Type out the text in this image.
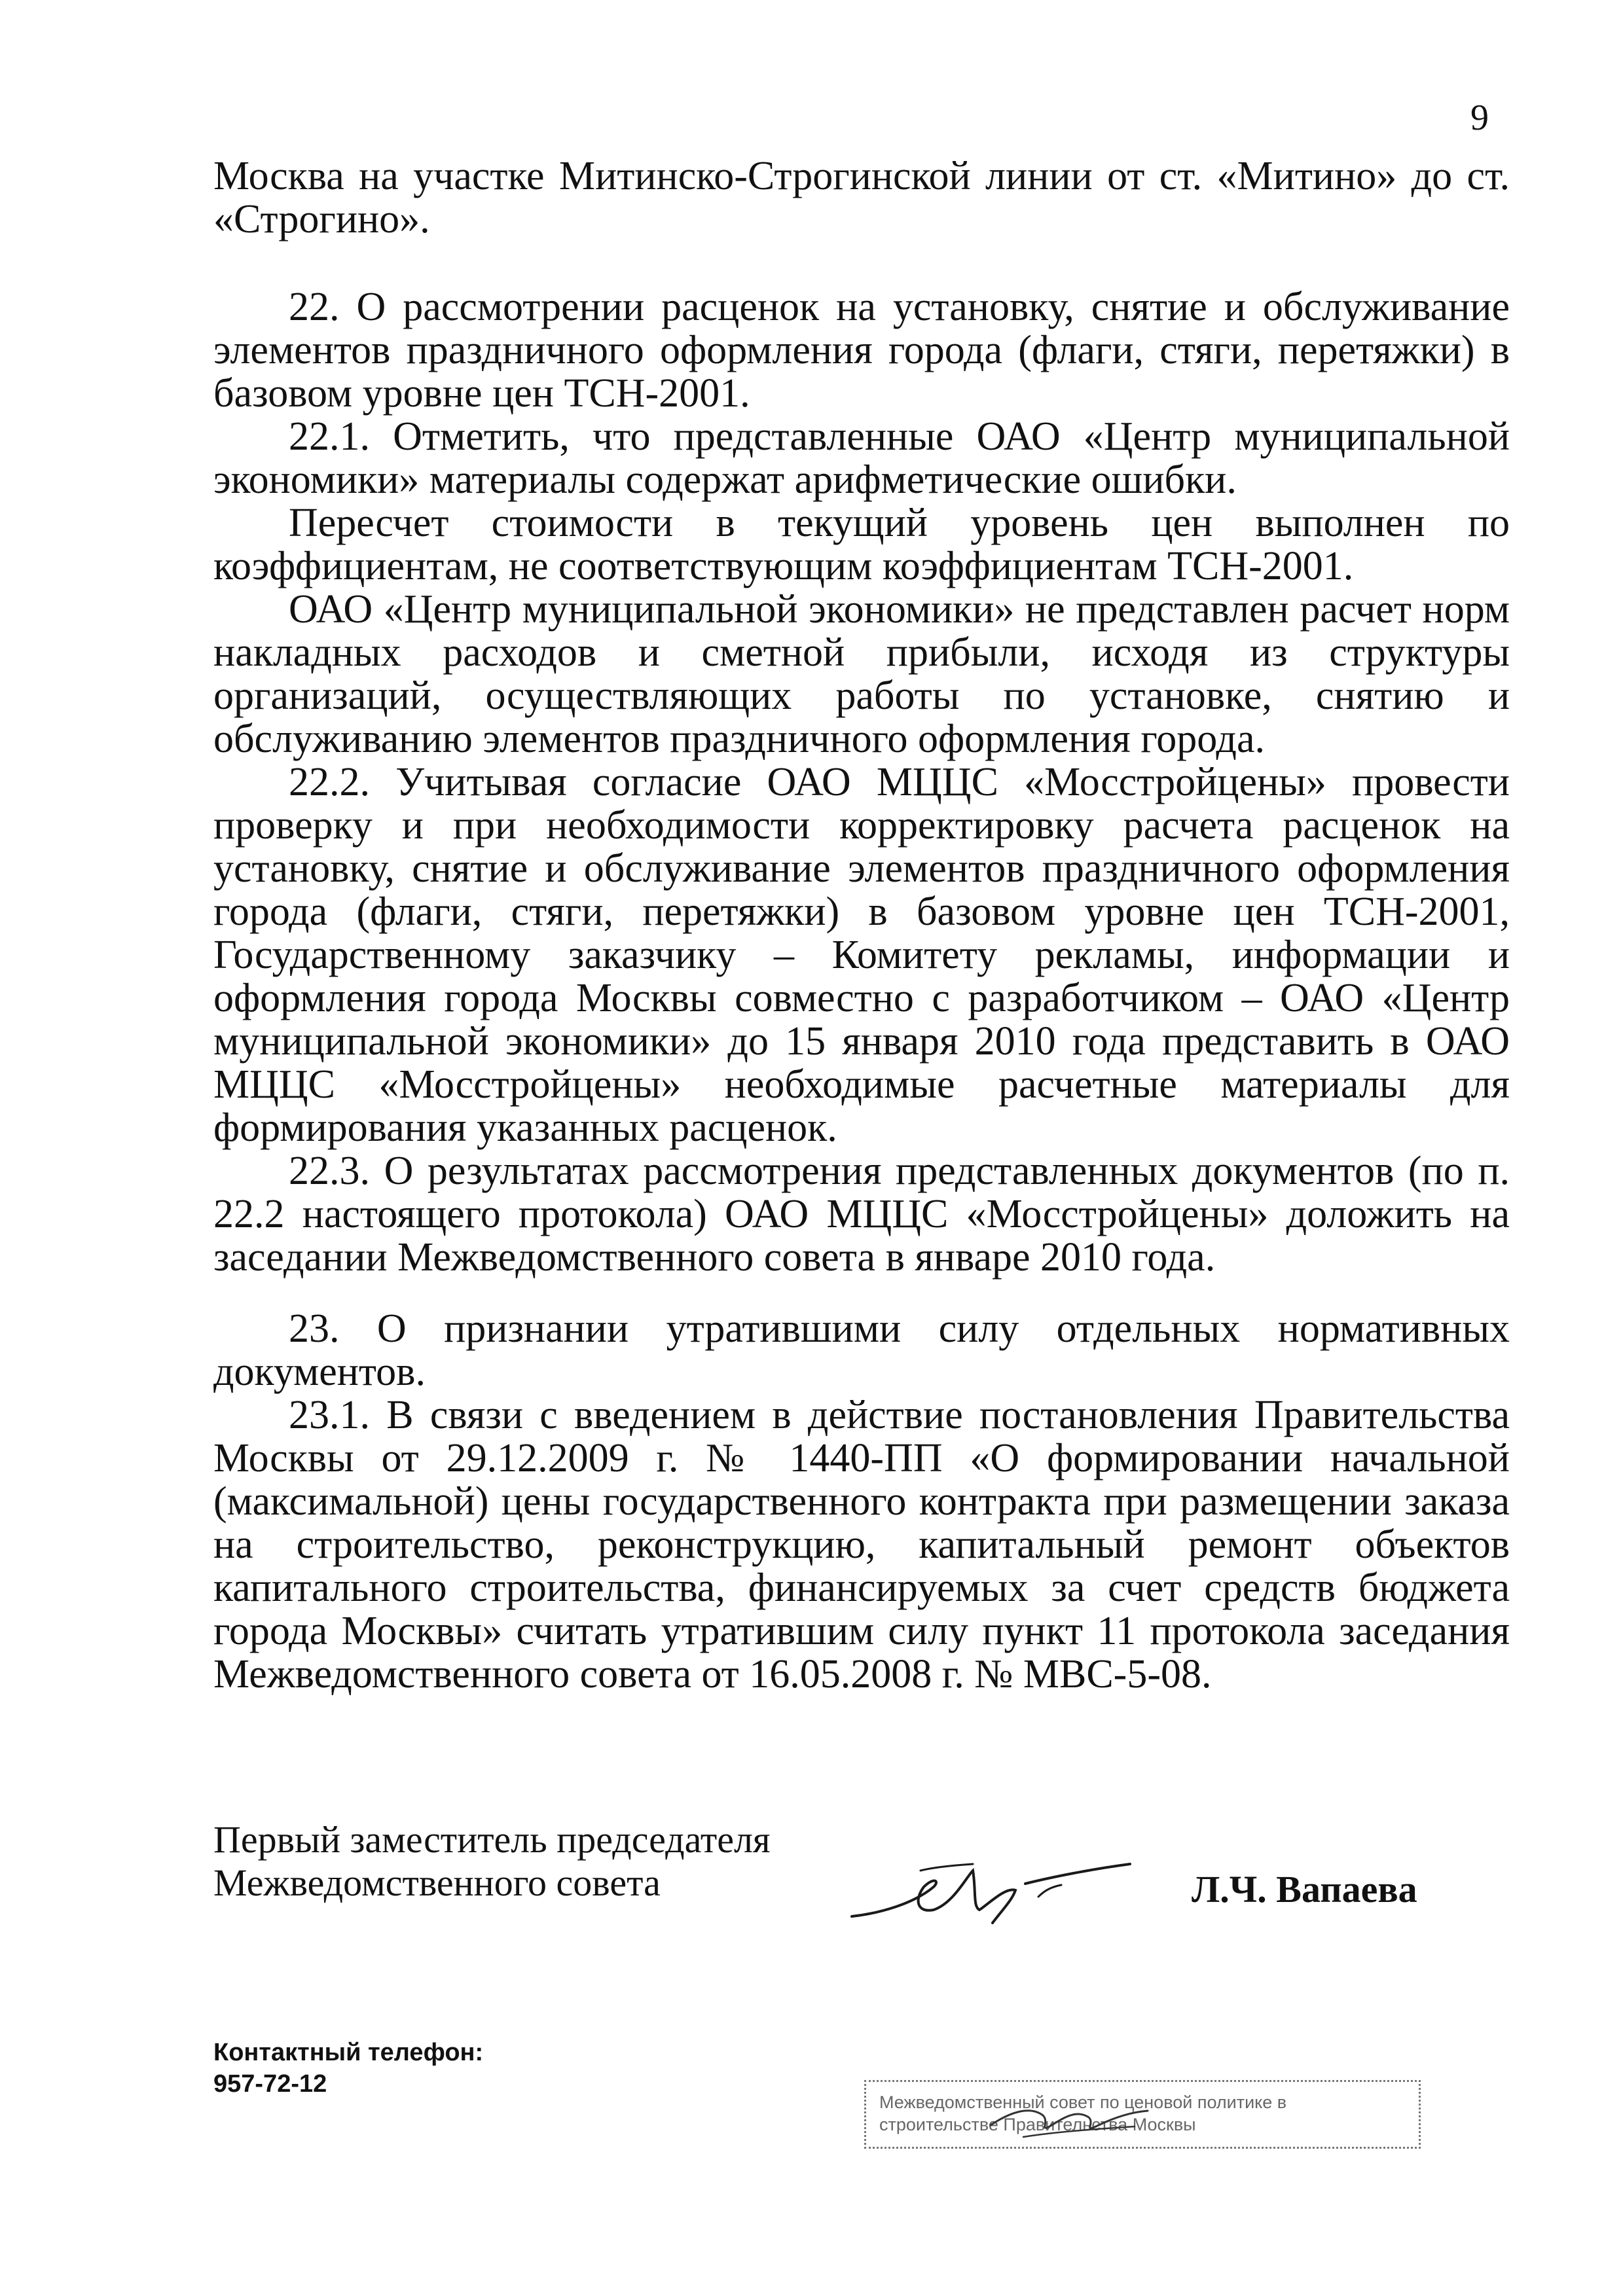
9

Москва на участке Митинско-Строгинской линии от ст. «Митино» до ст. «Строгино».

22. О рассмотрении расценок на установку, снятие и обслуживание элементов праздничного оформления города (флаги, стяги, перетяжки) в базовом уровне цен ТСН-2001.

22.1. Отметить, что представленные ОАО «Центр муниципальной экономики» материалы содержат арифметические ошибки.

Пересчет стоимости в текущий уровень цен выполнен по коэффициентам, не соответствующим коэффициентам ТСН-2001.

ОАО «Центр муниципальной экономики» не представлен расчет норм накладных расходов и сметной прибыли, исходя из структуры организаций, осуществляющих работы по установке, снятию и обслуживанию элементов праздничного оформления города.

22.2. Учитывая согласие ОАО МЦЦС «Мосстройцены» провести проверку и при необходимости корректировку расчета расценок на установку, снятие и обслуживание элементов праздничного оформления города (флаги, стяги, перетяжки) в базовом уровне цен ТСН-2001, Государственному заказчику – Комитету рекламы, информации и оформления города Москвы совместно с разработчиком – ОАО «Центр муниципальной экономики» до 15 января 2010 года представить в ОАО МЦЦС «Мосстройцены» необходимые расчетные материалы для формирования указанных расценок.

22.3. О результатах рассмотрения представленных документов (по п. 22.2 настоящего протокола) ОАО МЦЦС «Мосстройцены» доложить на заседании Межведомственного совета в январе 2010 года.

23. О признании утратившими силу отдельных нормативных документов.

23.1. В связи с введением в действие постановления Правительства Москвы от 29.12.2009 г. № 1440-ПП «О формировании начальной (максимальной) цены государственного контракта при размещении заказа на строительство, реконструкцию, капитальный ремонт объектов капитального строительства, финансируемых за счет средств бюджета города Москвы» считать утратившим силу пункт 11 протокола заседания Межведомственного совета от 16.05.2008 г. № МВС-5-08.

Первый заместитель председателя
Межведомственного совета	Л.Ч. Вапаева
Контактный телефон:
957-72-12
Межведомственный совет по ценовой политике в
строительстве Правительства Москвы
